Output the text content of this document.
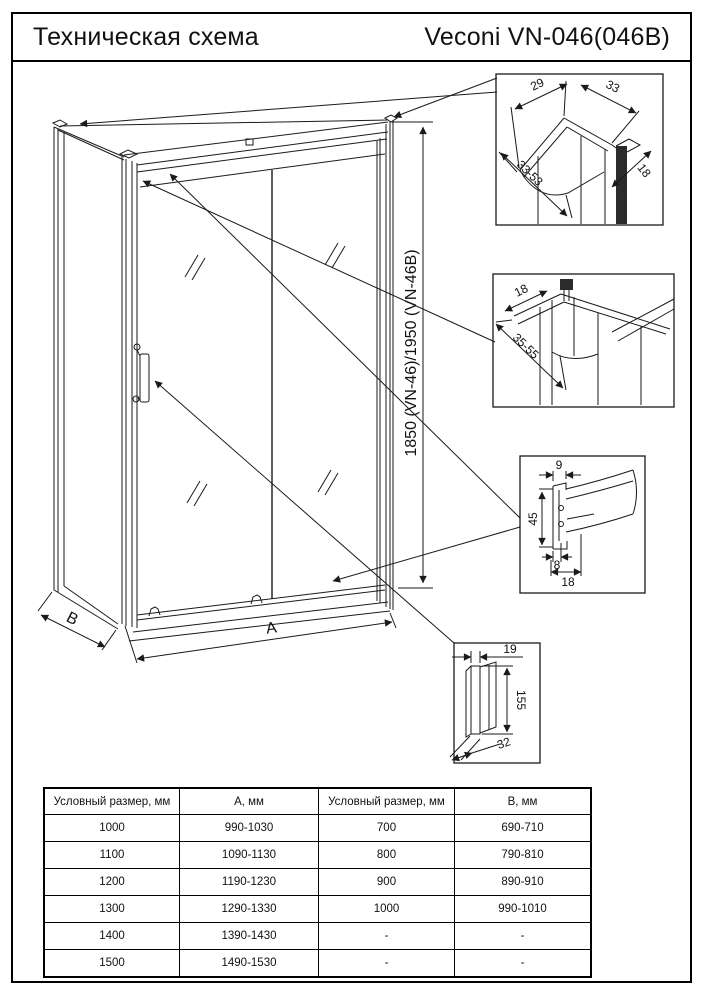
Техническая схема	Veconi VN-046(046B)
1850 (VN-46)/1950 (VN-46B)
A
B
29	33
33-53	18
18
35-55
9
45
8
18
19
155
32
Условный размер, мм	А, мм	Условный размер, мм	В, мм
1000	990-1030	700	690-710
1100	1090-1130	800	790-810
1200	1190-1230	900	890-910
1300	1290-1330	1000	990-1010
1400	1390-1430	-	-
1500	1490-1530	-	-
